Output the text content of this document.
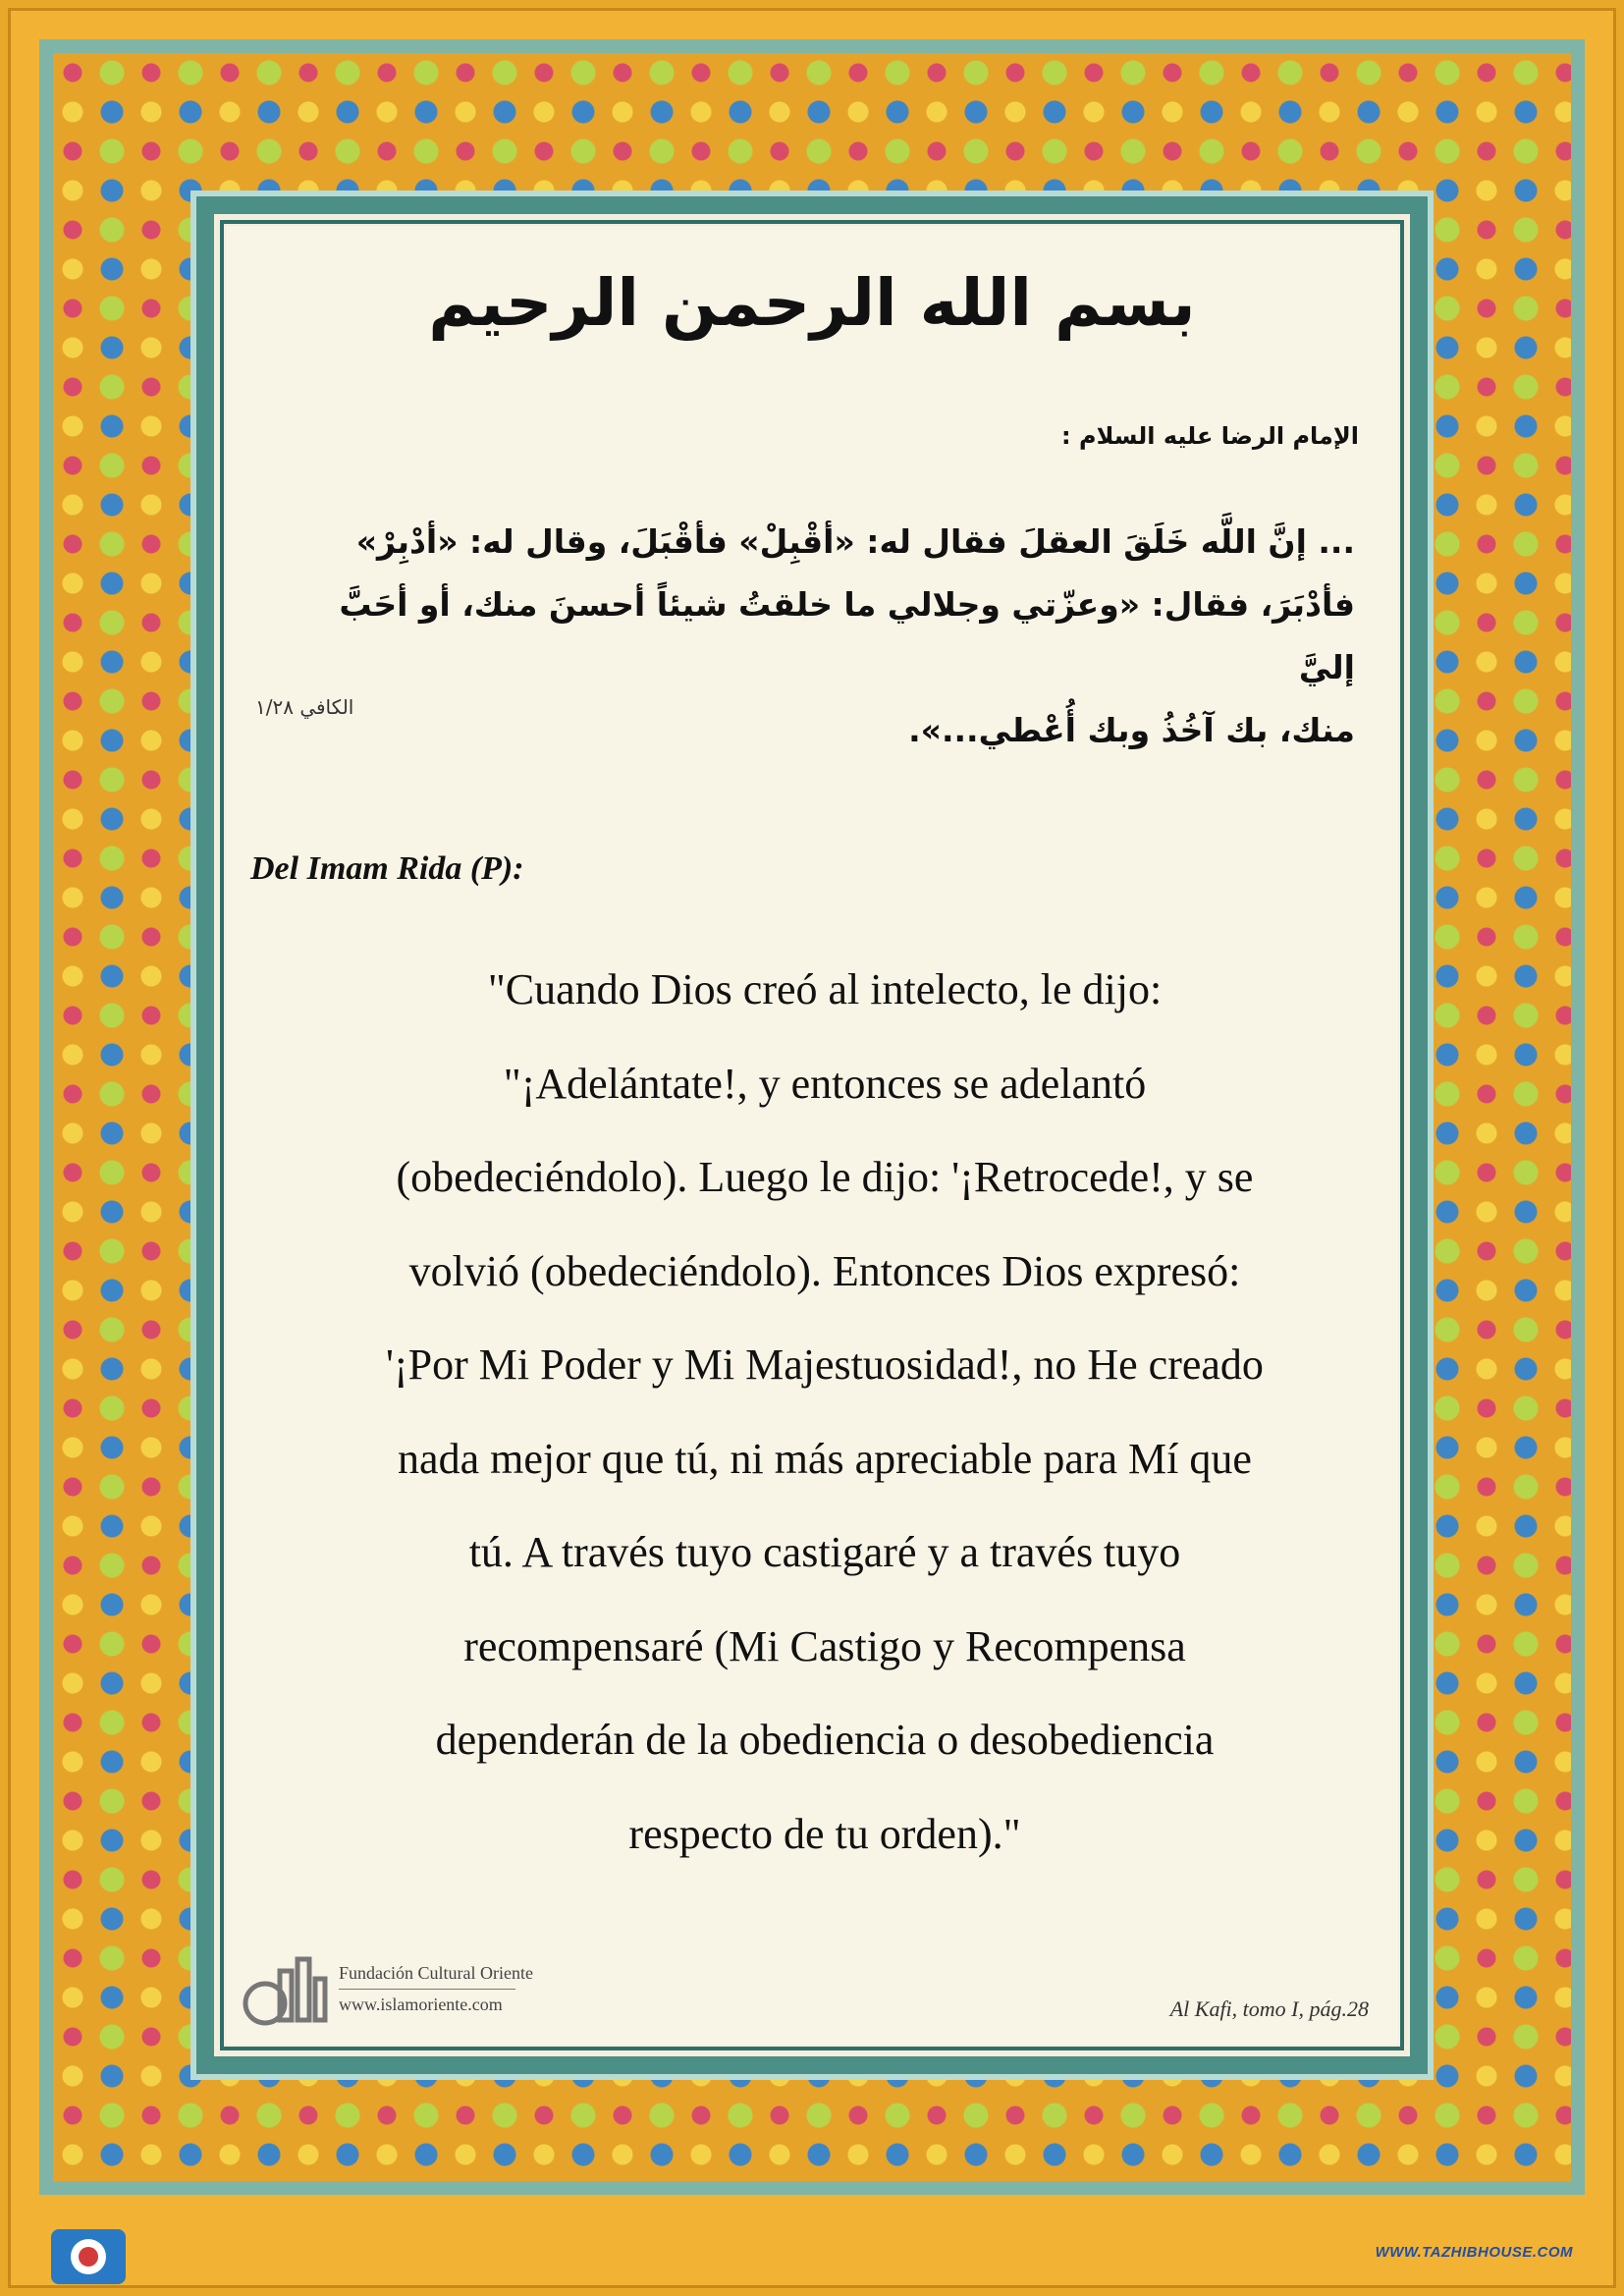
بسم الله الرحمن الرحيم
الإمام الرضا عليه السلام :
... إنَّ اللَّه خَلَقَ العقلَ فقال له: «أقْبِلْ» فأقْبَلَ، وقال له: «أدْبِرْ»
فأدْبَرَ، فقال: «وعزّتي وجلالي ما خلقتُ شيئاً أحسنَ منك، أو أحَبَّ إليَّ
منك، بك آخُذُ وبك أُعْطي...».
الكافي ١/٢٨
Del Imam Rida (P):
"Cuando Dios creó al intelecto, le dijo:
"¡Adelántate!, y entonces se adelantó
(obedeciéndolo). Luego le dijo: '¡Retrocede!, y se
volvió (obedeciéndolo). Entonces Dios expresó:
'¡Por Mi Poder y Mi Majestuosidad!, no He creado
nada mejor que tú, ni más apreciable para Mí que
tú. A través tuyo castigaré y a través tuyo
recompensaré (Mi Castigo y Recompensa
dependerán de la obediencia o desobediencia
respecto de tu orden)."
Fundación Cultural Oriente
www.islamoriente.com	Al Kafi, tomo I, pág.28
WWW.TAZHIBHOUSE.COM
